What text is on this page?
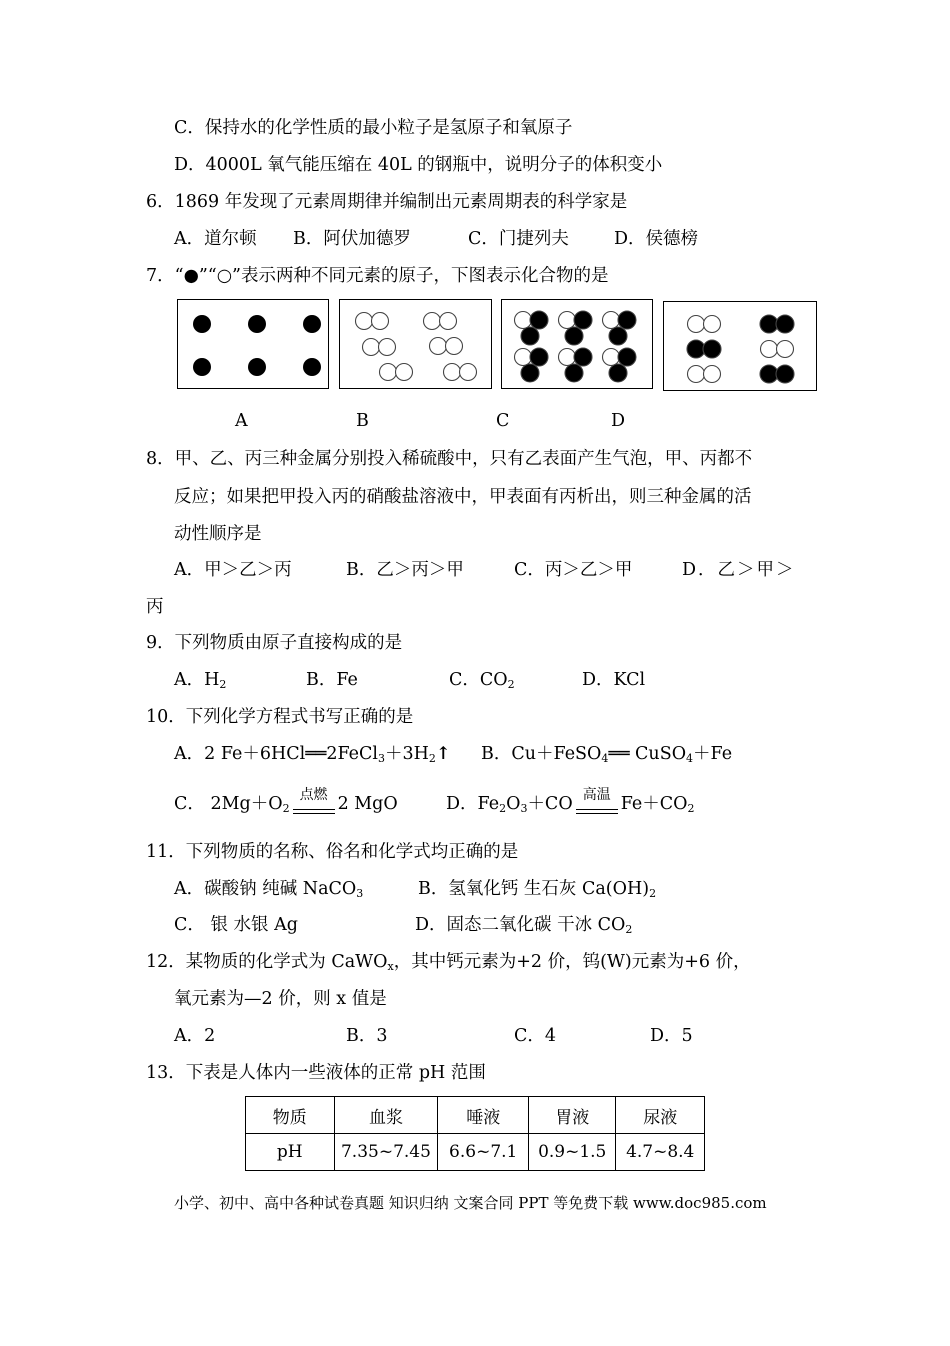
C．保持水的化学性质的最小粒子是氢原子和氧原子
D．4000L 氧气能压缩在 40L 的钢瓶中，说明分子的体积变小
6．1869 年发现了元素周期律并编制出元素周期表的科学家是
A．道尔顿 B．阿伏加德罗	C．门捷列夫	D．侯德榜
7．“●”“○”表示两种不同元素的原子，下图表示化合物的是
A	B	C	D
8．甲、乙、丙三种金属分别投入稀硫酸中，只有乙表面产生气泡，甲、丙都不
反应；如果把甲投入丙的硝酸盐溶液中，甲表面有丙析出，则三种金属的活
动性顺序是
A．甲＞乙＞丙	B．乙＞丙＞甲	C．丙＞乙＞甲	D．乙＞甲＞
丙
9．下列物质由原子直接构成的是
A．$H_2$	B．Fe	C．$CO_2$	D．KCl
10．下列化学方程式书写正确的是
A．2 $Fe+6HCl══2FeCl_3+3H_2↑$ B．Cu＋FeSO$_4$══ CuSO$_4$＋Fe
C． $2Mg+O_2$
点燃 2 MgO	D．$Fe_2O_3+CO$ 高温 $Fe+CO_2$
11．下列物质的名称、俗名和化学式均正确的是
A．碳酸钠 纯碱 NaCO$_3$	B．氢氧化钙 生石灰 $Ca(OH)_2$
C． 银 水银 Ag	D．固态二氧化碳 干冰 $CO_2$
12．某物质的化学式为 CaWO$_x$，其中钙元素为+2 价，钨(W)元素为+6 价，
氧元素为—2 价，则 x 值是
A．2	B．3	C．4	D．5
13．下表是人体内一些液体的正常 pH 范围
物质	血浆	唾液	胃液	尿液
pH	7.35~7.45	6.6~7.1	0.9~1.5	4.7~8.4
小学、初中、高中各种试卷真题 知识归纳 文案合同 PPT 等免费下载 www.doc985.com
